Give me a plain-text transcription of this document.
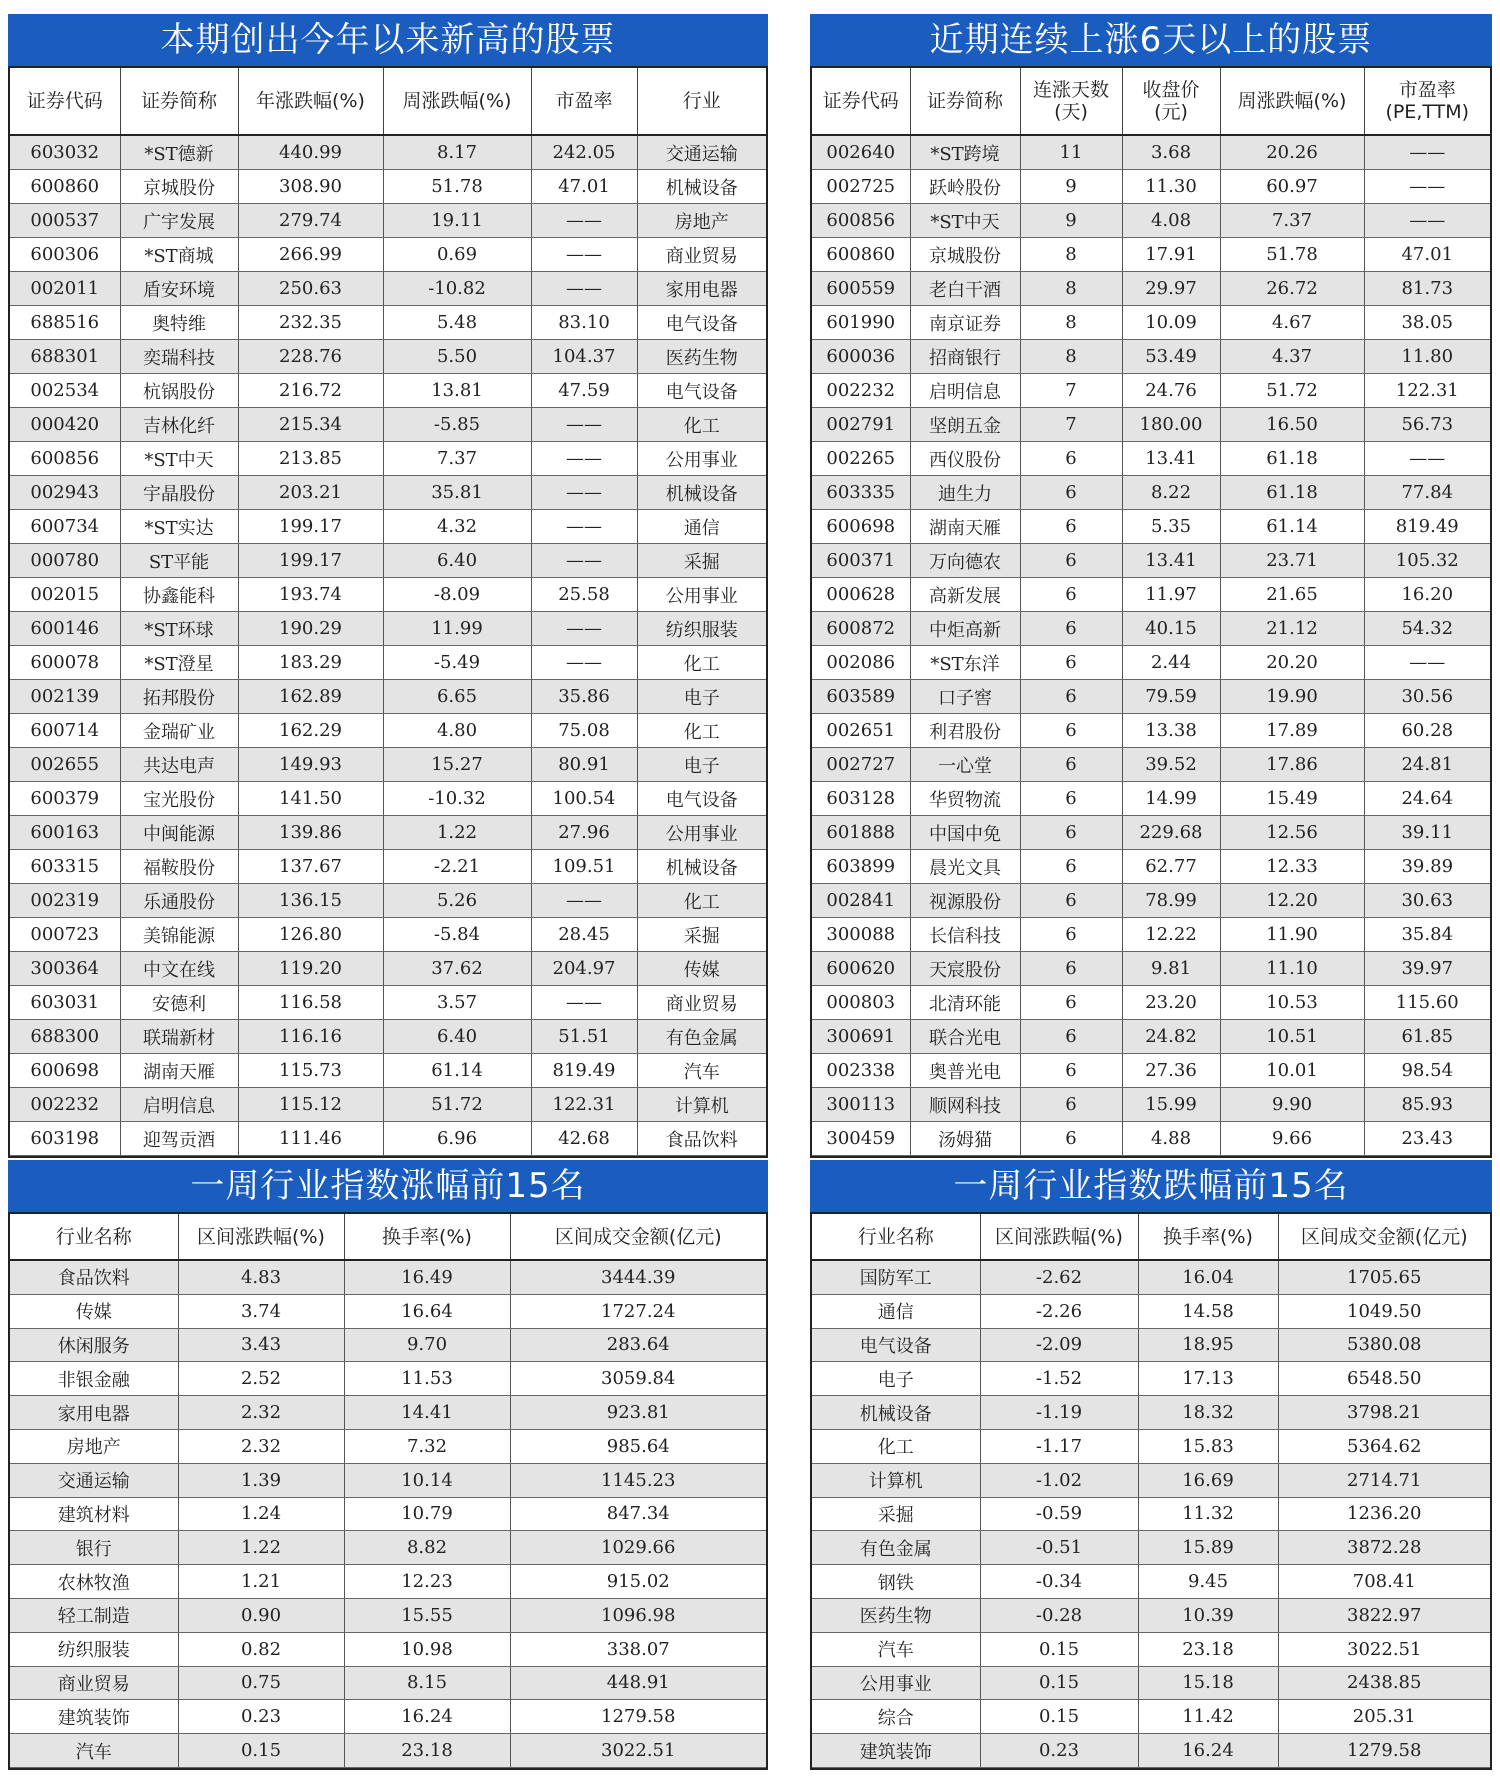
本期创出今年以来新高的股票
证券代码	证券简称	年涨跌幅(%)	周涨跌幅(%)	市盈率	行业
603032	*ST德新	440.99	8.17	242.05	交通运输
600860	京城股份	308.90	51.78	47.01	机械设备
000537	广宇发展	279.74	19.11	——	房地产
600306	*ST商城	266.99	0.69	——	商业贸易
002011	盾安环境	250.63	-10.82	——	家用电器
688516	奥特维	232.35	5.48	83.10	电气设备
688301	奕瑞科技	228.76	5.50	104.37	医药生物
002534	杭锅股份	216.72	13.81	47.59	电气设备
000420	吉林化纤	215.34	-5.85	——	化工
600856	*ST中天	213.85	7.37	——	公用事业
002943	宇晶股份	203.21	35.81	——	机械设备
600734	*ST实达	199.17	4.32	——	通信
000780	ST平能	199.17	6.40	——	采掘
002015	协鑫能科	193.74	-8.09	25.58	公用事业
600146	*ST环球	190.29	11.99	——	纺织服装
600078	*ST澄星	183.29	-5.49	——	化工
002139	拓邦股份	162.89	6.65	35.86	电子
600714	金瑞矿业	162.29	4.80	75.08	化工
002655	共达电声	149.93	15.27	80.91	电子
600379	宝光股份	141.50	-10.32	100.54	电气设备
600163	中闽能源	139.86	1.22	27.96	公用事业
603315	福鞍股份	137.67	-2.21	109.51	机械设备
002319	乐通股份	136.15	5.26	——	化工
000723	美锦能源	126.80	-5.84	28.45	采掘
300364	中文在线	119.20	37.62	204.97	传媒
603031	安德利	116.58	3.57	——	商业贸易
688300	联瑞新材	116.16	6.40	51.51	有色金属
600698	湖南天雁	115.73	61.14	819.49	汽车
002232	启明信息	115.12	51.72	122.31	计算机
603198	迎驾贡酒	111.46	6.96	42.68	食品饮料
近期连续上涨6天以上的股票
证券代码	证券简称	连涨天数(天)	收盘价(元)	周涨跌幅(%)	市盈率(PE,TTM)
002640	*ST跨境	11	3.68	20.26	——
002725	跃岭股份	9	11.30	60.97	——
600856	*ST中天	9	4.08	7.37	——
600860	京城股份	8	17.91	51.78	47.01
600559	老白干酒	8	29.97	26.72	81.73
601990	南京证券	8	10.09	4.67	38.05
600036	招商银行	8	53.49	4.37	11.80
002232	启明信息	7	24.76	51.72	122.31
002791	坚朗五金	7	180.00	16.50	56.73
002265	西仪股份	6	13.41	61.18	——
603335	迪生力	6	8.22	61.18	77.84
600698	湖南天雁	6	5.35	61.14	819.49
600371	万向德农	6	13.41	23.71	105.32
000628	高新发展	6	11.97	21.65	16.20
600872	中炬高新	6	40.15	21.12	54.32
002086	*ST东洋	6	2.44	20.20	——
603589	口子窖	6	79.59	19.90	30.56
002651	利君股份	6	13.38	17.89	60.28
002727	一心堂	6	39.52	17.86	24.81
603128	华贸物流	6	14.99	15.49	24.64
601888	中国中免	6	229.68	12.56	39.11
603899	晨光文具	6	62.77	12.33	39.89
002841	视源股份	6	78.99	12.20	30.63
300088	长信科技	6	12.22	11.90	35.84
600620	天宸股份	6	9.81	11.10	39.97
000803	北清环能	6	23.20	10.53	115.60
300691	联合光电	6	24.82	10.51	61.85
002338	奥普光电	6	27.36	10.01	98.54
300113	顺网科技	6	15.99	9.90	85.93
300459	汤姆猫	6	4.88	9.66	23.43
一周行业指数涨幅前15名
行业名称	区间涨跌幅(%)	换手率(%)	区间成交金额(亿元)
食品饮料	4.83	16.49	3444.39
传媒	3.74	16.64	1727.24
休闲服务	3.43	9.70	283.64
非银金融	2.52	11.53	3059.84
家用电器	2.32	14.41	923.81
房地产	2.32	7.32	985.64
交通运输	1.39	10.14	1145.23
建筑材料	1.24	10.79	847.34
银行	1.22	8.82	1029.66
农林牧渔	1.21	12.23	915.02
轻工制造	0.90	15.55	1096.98
纺织服装	0.82	10.98	338.07
商业贸易	0.75	8.15	448.91
建筑装饰	0.23	16.24	1279.58
汽车	0.15	23.18	3022.51
一周行业指数跌幅前15名
行业名称	区间涨跌幅(%)	换手率(%)	区间成交金额(亿元)
国防军工	-2.62	16.04	1705.65
通信	-2.26	14.58	1049.50
电气设备	-2.09	18.95	5380.08
电子	-1.52	17.13	6548.50
机械设备	-1.19	18.32	3798.21
化工	-1.17	15.83	5364.62
计算机	-1.02	16.69	2714.71
采掘	-0.59	11.32	1236.20
有色金属	-0.51	15.89	3872.28
钢铁	-0.34	9.45	708.41
医药生物	-0.28	10.39	3822.97
汽车	0.15	23.18	3022.51
公用事业	0.15	15.18	2438.85
综合	0.15	11.42	205.31
建筑装饰	0.23	16.24	1279.58
